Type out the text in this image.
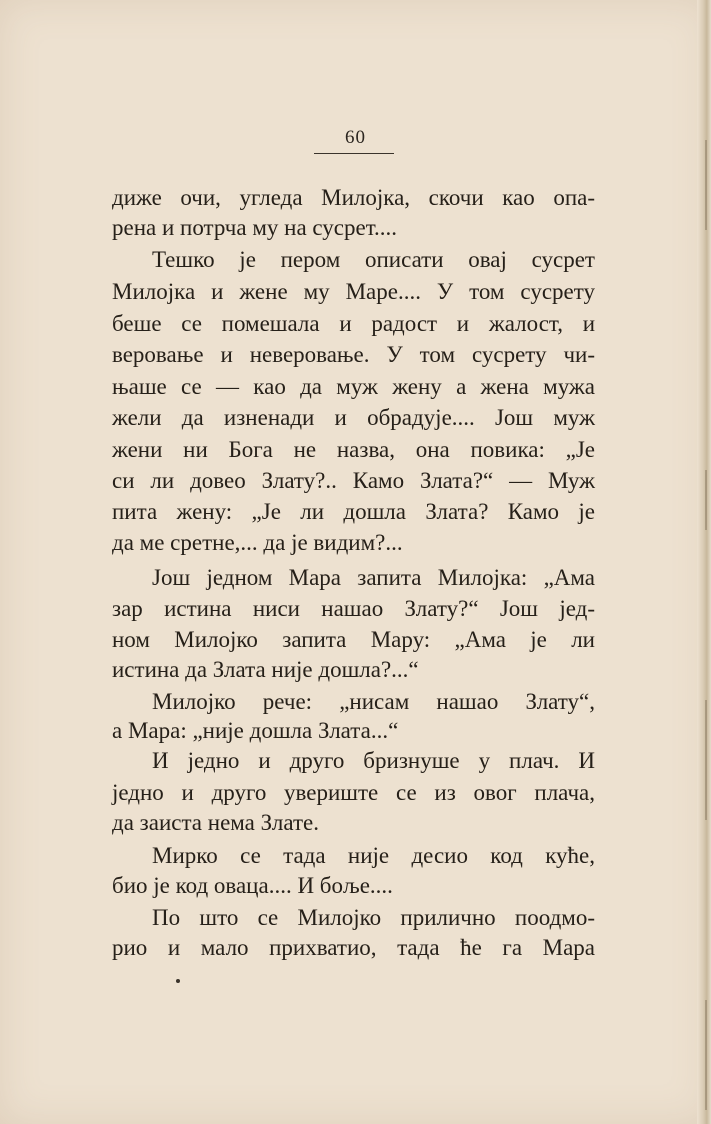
60
диже очи, угледа Милојка, скочи као опа-
рена и потрча му на сусрет....
Тешко је пером описати овај сусрет
Милојка и жене му Маре.... У том сусрету
беше се помешала и радост и жалост, и
веровање и неверовање. У том сусрету чи-
њаше се — као да муж жену а жена мужа
жели да изненади и обрадује.... Још муж
жени ни Бога не назва, она повика: „Је
си ли довео Злату?.. Камо Злата?“ — Муж
пита жену: „Је ли дошла Злата? Камо је
да ме сретне,... да је видим?...
Још једном Мара запита Милојка: „Ама
зар истина ниси нашао Злату?“ Још јед-
ном Милојко запита Мару: „Ама је ли
истина да Злата није дошла?...“
Милојко рече: „нисам нашао Злату“,
а Мара: „није дошла Злата...“
И једно и друго бризнуше у плач. И
једно и друго увериште се из овог плача,
да заиста нема Злате.
Мирко се тада није десио код куће,
био је код оваца.... И боље....
По што се Милојко прилично поодмо-
рио и мало прихватио, тада ће га Мара
